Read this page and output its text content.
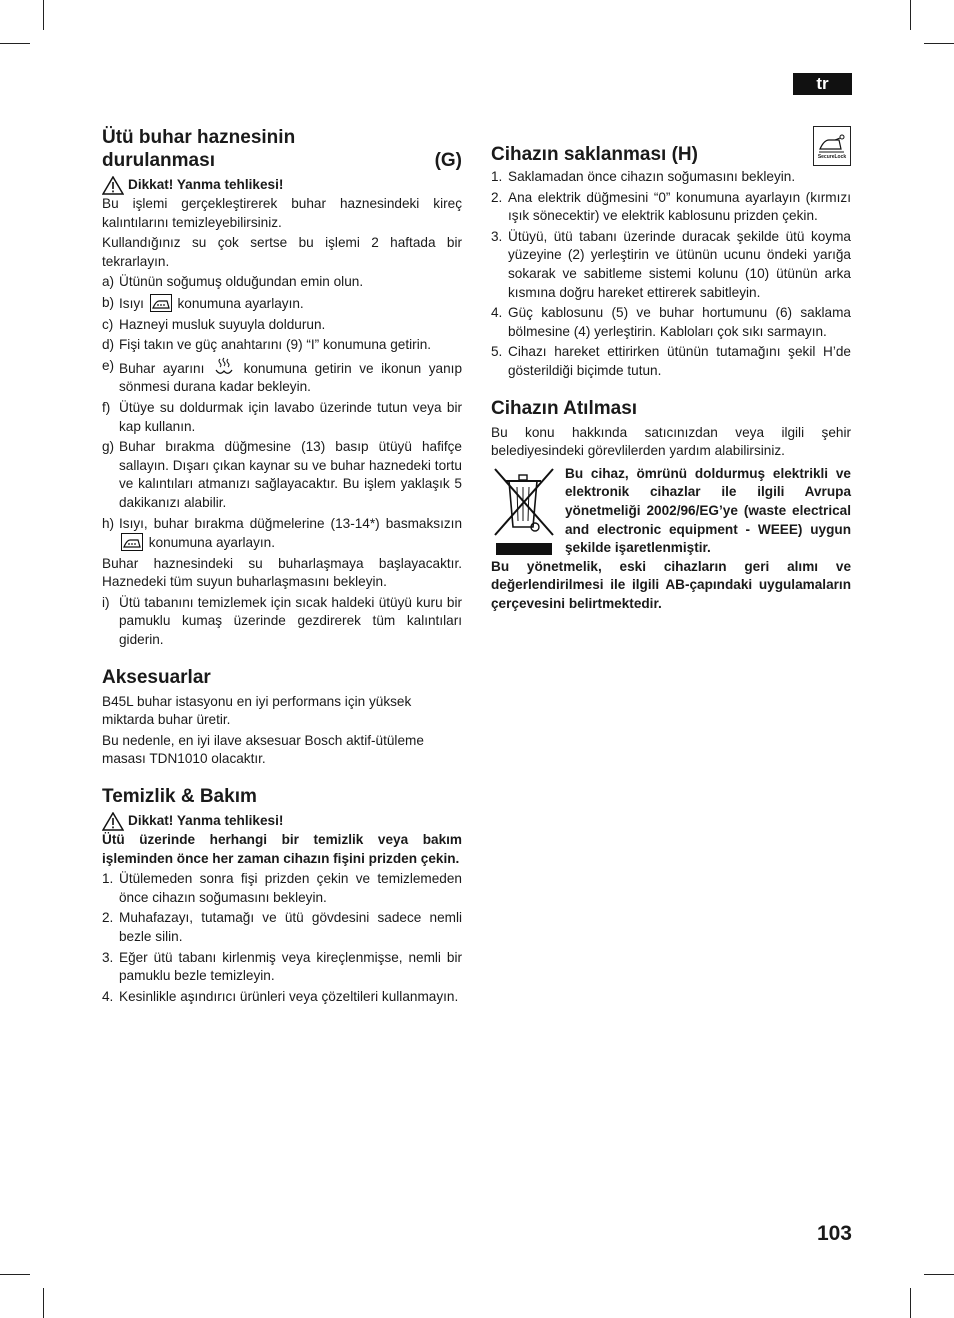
tr
Ütü buhar haznesinin
durulanması	(G)
Dikkat! Yanma tehlikesi!

Bu işlemi gerçekleştirerek buhar haznesindeki kireç kalıntılarını temizleyebilirsiniz.

Kullandığınız su çok sertse bu işlemi 2 haftada bir tekrarlayın.

a) Ütünün soğumuş olduğundan emin olun.
b) Isıyı konumuna ayarlayın.
c) Hazneyi musluk suyuyla doldurun.
d) Fişi takın ve güç anahtarını (9) “I” konumuna getirin.
e) Buhar ayarını	konumuna getirin ve ikonun yanıp sönmesi durana kadar bekleyin.
f) Ütüye su doldurmak için lavabo üzerinde tutun veya bir kap kullanın.
g) Buhar bırakma düğmesine (13) basıp ütüyü hafifçe sallayın. Dışarı çıkan kaynar su ve buhar haznedeki tortu ve kalıntıları atmanızı sağlayacaktır. Bu işlem yaklaşık 5 dakikanızı alabilir.
h) Isıyı, buhar bırakma düğmelerine (13-14*) basmaksızın  konumuna ayarlayın.

Buhar haznesindeki su buharlaşmaya başlayacaktır. Haznedeki tüm suyun buharlaşmasını bekleyin.

i) Ütü tabanını temizlemek için sıcak haldeki ütüyü kuru bir pamuklu kumaş üzerinde gezdirerek tüm kalıntıları giderin.
Aksesuarlar

B45L buhar istasyonu en iyi performans için yüksek miktarda buhar üretir.

Bu nedenle, en iyi ilave aksesuar Bosch aktif-ütüleme masası TDN1010 olacaktır.

Temizlik & Bakım
Dikkat! Yanma tehlikesi!

Ütü üzerinde herhangi bir temizlik veya bakım işleminden önce her zaman cihazın fişini prizden çekin.

1. Ütülemeden sonra fişi prizden çekin ve temizlemeden önce cihazın soğumasını bekleyin.
2. Muhafazayı, tutamağı ve ütü gövdesini sadece nemli bezle silin.
3. Eğer ütü tabanı kirlenmiş veya kireçlenmişse, nemli bir pamuklu bezle temizleyin.
4. Kesinlikle aşındırıcı ürünleri veya çözeltileri kullanmayın.
Cihazın saklanması (H)	SecureLock
1. Saklamadan önce cihazın soğumasını bekleyin.
2. Ana elektrik düğmesini “0” konumuna ayarlayın (kırmızı ışık sönecektir) ve elektrik kablosunu prizden çekin.
3. Ütüyü, ütü tabanı üzerinde duracak şekilde ütü koyma yüzeyine (2) yerleştirin ve ütünün ucunu öndeki yarığa sokarak ve sabitleme sistemi kolunu (10) ütünün arka kısmına doğru hareket ettirerek sabitleyin.
4. Güç kablosunu (5) ve buhar hortumunu (6) saklama bölmesine (4) yerleştirin. Kabloları çok sıkı sarmayın.
5. Cihazı hareket ettirirken ütünün tutamağını şekil H’de gösterildiği biçimde tutun.
Cihazın Atılması

Bu konu hakkında satıcınızdan veya ilgili şehir belediyesindeki görevlilerden yardım alabilirsiniz.

Bu cihaz, ömrünü doldurmuş elektrikli ve elektronik cihazlar ile ilgili Avrupa yönetmeliği 2002/96/EG’ye (waste electrical and electronic equipment - WEEE) uygun şekilde işaretlenmiştir.

Bu yönetmelik, eski cihazların geri alımı ve değerlendirilmesi ile ilgili AB-çapındaki uygulamaların çerçevesini belirtmektedir.

103
